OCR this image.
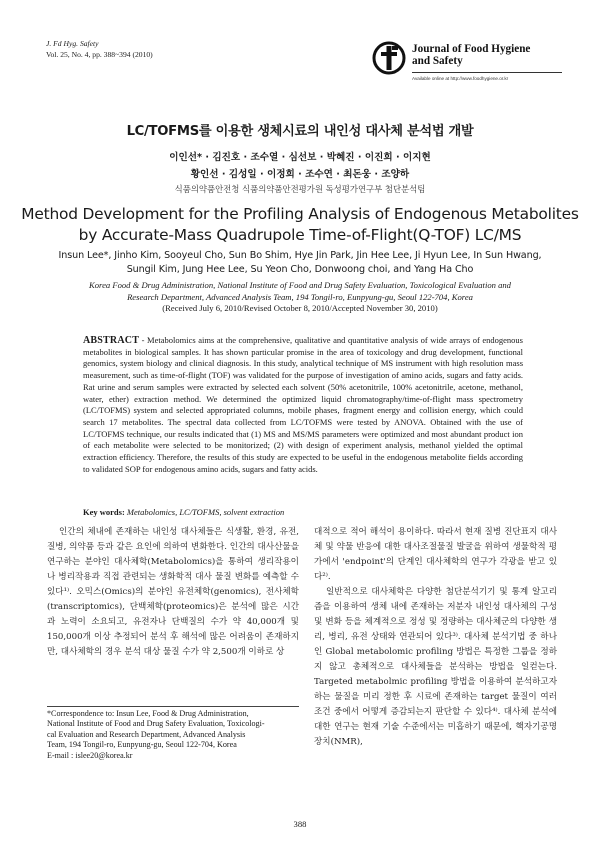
J. Fd Hyg. Safety
Vol. 25, No. 4, pp. 388~394 (2010)	Journal of Food Hygiene
and Safety
Available online at http://www.foodhygiene.or.kr
LC/TOFMS를 이용한 생체시료의 내인성 대사체 분석법 개발
이인선* · 김진호 · 조수열 · 심선보 · 박혜진 · 이진희 · 이지현
황인선 · 김성일 · 이정희 · 조수연 · 최돈웅 · 조양하
식품의약품안전청 식품의약품안전평가원 독성평가연구부 첨단분석팀
Method Development for the Profiling Analysis of Endogenous Metabolites
by Accurate-Mass Quadrupole Time-of-Flight(Q-TOF) LC/MS
Insun Lee*, Jinho Kim, Sooyeul Cho, Sun Bo Shim, Hye Jin Park, Jin Hee Lee, Ji Hyun Lee, In Sun Hwang,
Sungil Kim, Jung Hee Lee, Su Yeon Cho, Donwoong choi, and Yang Ha Cho
Korea Food & Drug Administration, National Institute of Food and Drug Safety Evaluation, Toxicological Evaluation and
Research Department, Advanced Analysis Team, 194 Tongil-ro, Eunpyung-gu, Seoul 122-704, Korea
(Received July 6, 2010/Revised October 8, 2010/Accepted November 30, 2010)
ABSTRACT - Metabolomics aims at the comprehensive, qualitative and quantitative analysis of wide arrays of endogenous metabolites in biological samples. It has shown particular promise in the area of toxicology and drug development, functional genomics, system biology and clinical diagnosis. In this study, analytical technique of MS instrument with high resolution mass measurement, such as time-of-flight (TOF) was validated for the purpose of investigation of amino acids, sugars and fatty acids. Rat urine and serum samples were extracted by selected each solvent (50% acetonitrile, 100% acetonitrile, acetone, methanol, water, ether) extraction method. We determined the optimized liquid chromatography/time-of-flight mass spectrometry (LC/TOFMS) system and selected appropriated columns, mobile phases, fragment energy and collision energy, which could search 17 metabolites. The spectral data collected from LC/TOFMS were tested by ANOVA. Obtained with the use of LC/TOFMS technique, our results indicated that (1) MS and MS/MS parameters were optimized and most abundant product ion of each metabolite were selected to be monitorized; (2) with design of experiment analysis, methanol yielded the optimal extraction efficiency. Therefore, the results of this study are expected to be useful in the endogenous metabolite fields according to validated SOP for endogenous amino acids, sugars and fatty acids.
Key words: Metabolomics, LC/TOFMS, solvent extraction

인간의 체내에 존재하는 내인성 대사체들은 식생활, 환경, 유전, 질병, 의약품 등과 같은 요인에 의하여 변화한다. 인간의 대사산물을 연구하는 분야인 대사체학(Metabolomics)을 통하여 생리작용이나 병리작용과 직접 관련되는 생화학적 대사 물질 변화를 예측할 수 있다¹⁾. 오믹스(Omics)의 분야인 유전체학(genomics), 전사체학(transcriptomics), 단백체학(proteomics)은 분석에 많은 시간과 노력이 소요되고, 유전자나 단백질의 수가 약 40,000개 및 150,000개 이상 추정되어 분석 후 해석에 많은 어려움이 존재하지만, 대사체학의 경우 분석 대상 물질 수가 약 2,500개 이하로 상

대적으로 적어 해석이 용이하다. 따라서 현재 질병 진단표지 대사체 및 약물 반응에 대한 대사조절물질 발굴을 위하여 생물학적 평가에서 'endpoint'의 단계인 대사체학의 연구가 각광을 받고 있다²⁾.

일반적으로 대사체학은 다양한 첨단분석기기 및 통계 알고리즘을 이용하여 생체 내에 존재하는 저분자 내인성 대사체의 구성 및 변화 등을 체계적으로 정성 및 정량하는 대사체군의 다양한 생리, 병리, 유전 상태와 연관되어 있다³⁾. 대사체 분석기법 중 하나인 Global metabolomic profiling 방법은 특정한 그룹을 정하지 않고 총체적으로 대사체들을 분석하는 방법을 일컫는다. Targeted metabolmic profiling 방법을 이용하여 분석하고자 하는 물질을 미리 정한 후 시료에 존재하는 target 물질이 여러 조건 중에서 어떻게 증감되는지 판단할 수 있다⁴⁾. 대사체 분석에 대한 연구는 현재 기술 수준에서는 미흡하기 때문에, 핵자기공명장치(NMR),

*Correspondence to: Insun Lee, Food & Drug Administration,
National Institute of Food and Drug Safety Evaluation, Toxicologi-
cal Evaluation and Research Department, Advanced Analysis
Team, 194 Tongil-ro, Eunpyung-gu, Seoul 122-704, Korea
E-mail : islee20@korea.kr
388
